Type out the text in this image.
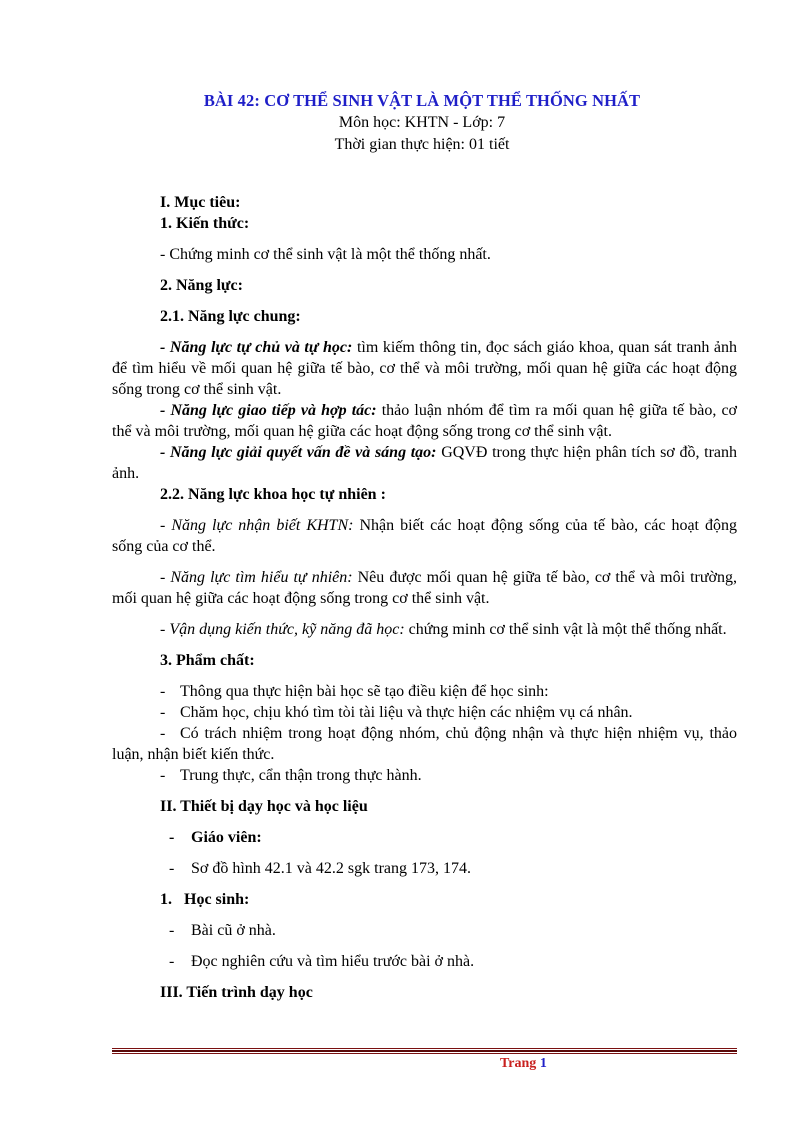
BÀI 42: CƠ THỂ SINH VẬT LÀ MỘT THỂ THỐNG NHẤT
Môn học: KHTN - Lớp: 7
Thời gian thực hiện: 01 tiết

I. Mục tiêu:

1. Kiến thức:

- Chứng minh cơ thể sinh vật là một thể thống nhất.

2. Năng lực:

2.1. Năng lực chung:

- Năng lực tự chủ và tự học: tìm kiếm thông tin, đọc sách giáo khoa, quan sát tranh ảnh để tìm hiểu về mối quan hệ giữa tế bào, cơ thể và môi trường, mối quan hệ giữa các hoạt động sống trong cơ thể sinh vật.

- Năng lực giao tiếp và hợp tác: thảo luận nhóm để tìm ra mối quan hệ giữa tế bào, cơ thể và môi trường, mối quan hệ giữa các hoạt động sống trong cơ thể sinh vật.

- Năng lực giải quyết vấn đề và sáng tạo: GQVĐ trong thực hiện phân tích sơ đồ, tranh ảnh.

2.2. Năng lực khoa học tự nhiên :

- Năng lực nhận biết KHTN: Nhận biết các hoạt động sống của tế bào, các hoạt động sống của cơ thể.

- Năng lực tìm hiểu tự nhiên: Nêu được mối quan hệ giữa tế bào, cơ thể và môi trường, mối quan hệ giữa các hoạt động sống trong cơ thể sinh vật.

- Vận dụng kiến thức, kỹ năng đã học: chứng minh cơ thể sinh vật là một thể thống nhất.

3. Phẩm chất:

- Thông qua thực hiện bài học sẽ tạo điều kiện để học sinh:

- Chăm học, chịu khó tìm tòi tài liệu và thực hiện các nhiệm vụ cá nhân.

- Có trách nhiệm trong hoạt động nhóm, chủ động nhận và thực hiện nhiệm vụ, thảo luận, nhận biết kiến thức.

- Trung thực, cẩn thận trong thực hành.

II. Thiết bị dạy học và học liệu

- Giáo viên:

- Sơ đồ hình 42.1 và 42.2 sgk trang 173, 174.

1. Học sinh:

- Bài cũ ở nhà.

- Đọc nghiên cứu và tìm hiểu trước bài ở nhà.

III. Tiến trình dạy học

Trang 1
